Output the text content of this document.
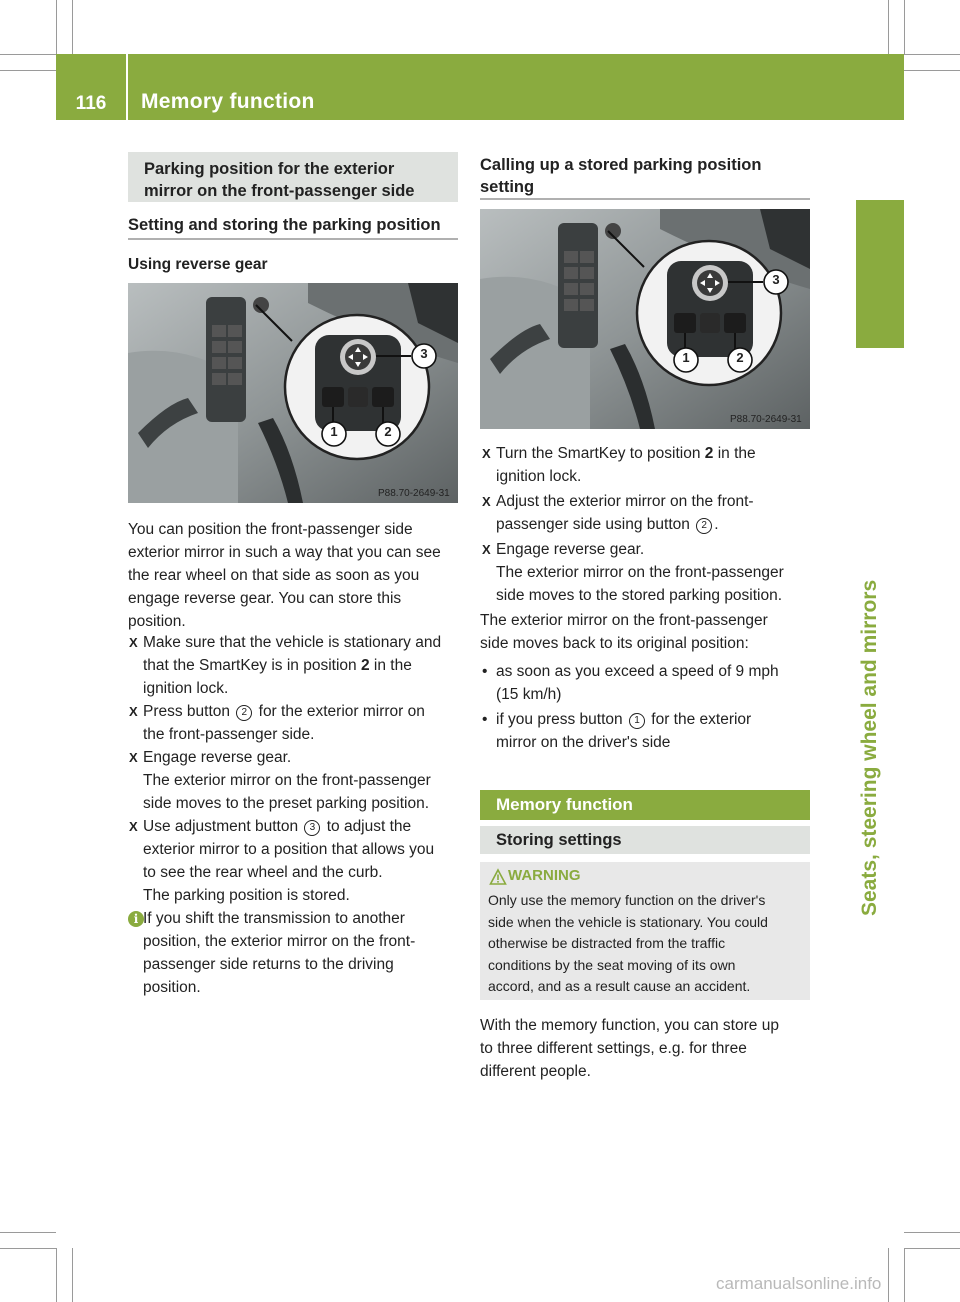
116	Memory function
Seats, steering wheel and mirrors
Parking position for the exterior
mirror on the front-passenger side
Setting and storing the parking position
Using reverse gear
3
1	2
P88.70-2649-31
You can position the front-passenger side
exterior mirror in such a way that you can see
the rear wheel on that side as soon as you
engage reverse gear. You can store this
position.
X Make sure that the vehicle is stationary and
that the SmartKey is in position 2 in the
ignition lock.
X Press button 2 for the exterior mirror on
the front-passenger side.
X Engage reverse gear.
The exterior mirror on the front-passenger
side moves to the preset parking position.
X Use adjustment button 3 to adjust the
exterior mirror to a position that allows you
to see the rear wheel and the curb.
The parking position is stored.
i If you shift the transmission to another
position, the exterior mirror on the front-
passenger side returns to the driving
position.
Calling up a stored parking position
setting
3
1	2
P88.70-2649-31
X Turn the SmartKey to position 2 in the
ignition lock.
X Adjust the exterior mirror on the front-
passenger side using button 2 .
X Engage reverse gear.
The exterior mirror on the front-passenger
side moves to the stored parking position.
The exterior mirror on the front-passenger
side moves back to its original position:
• as soon as you exceed a speed of 9 mph
(15 km/h)
• if you press button 1 for the exterior
mirror on the driver's side
Memory function
Storing settings
WARNING
Only use the memory function on the driver's
side when the vehicle is stationary. You could
otherwise be distracted from the traffic
conditions by the seat moving of its own
accord, and as a result cause an accident.
With the memory function, you can store up
to three different settings, e.g. for three
different people.
carmanualsonline.info
